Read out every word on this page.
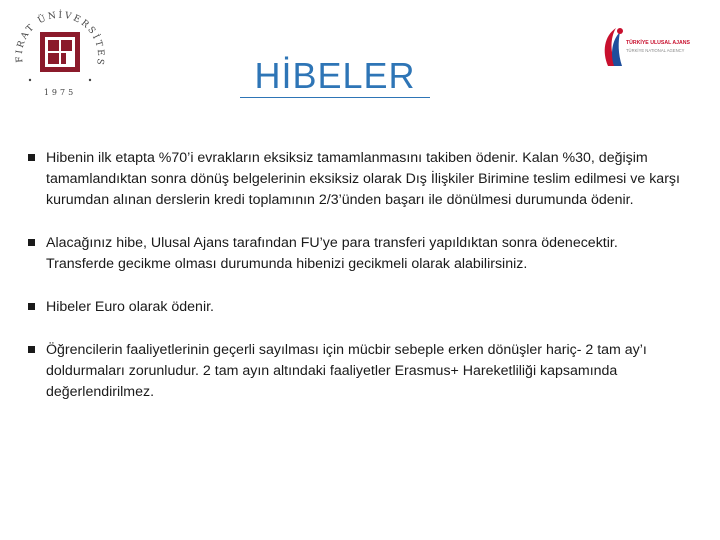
FIRAT ÜNİVERSİTES
1975
TÜRKİYE ULUSAL AJANSI
TÜRKİYE NATIONAL AGENCY
HİBELER
Hibenin ilk etapta %70’i evrakların eksiksiz tamamlanmasını takiben ödenir. Kalan %30, değişim tamamlandıktan sonra dönüş belgelerinin eksiksiz olarak Dış İlişkiler Birimine teslim edilmesi ve karşı kurumdan alınan derslerin kredi toplamının 2/3’ünden başarı ile dönülmesi durumunda ödenir.
Alacağınız hibe, Ulusal Ajans tarafından FU’ye para transferi yapıldıktan sonra ödenecektir. Transferde gecikme olması durumunda hibenizi gecikmeli olarak alabilirsiniz.
Hibeler Euro olarak ödenir.
Öğrencilerin faaliyetlerinin geçerli sayılması için mücbir sebeple erken dönüşler hariç- 2 tam ay’ı doldurmaları zorunludur. 2 tam ayın altındaki faaliyetler Erasmus+ Hareketliliği kapsamında değerlendirilmez.
